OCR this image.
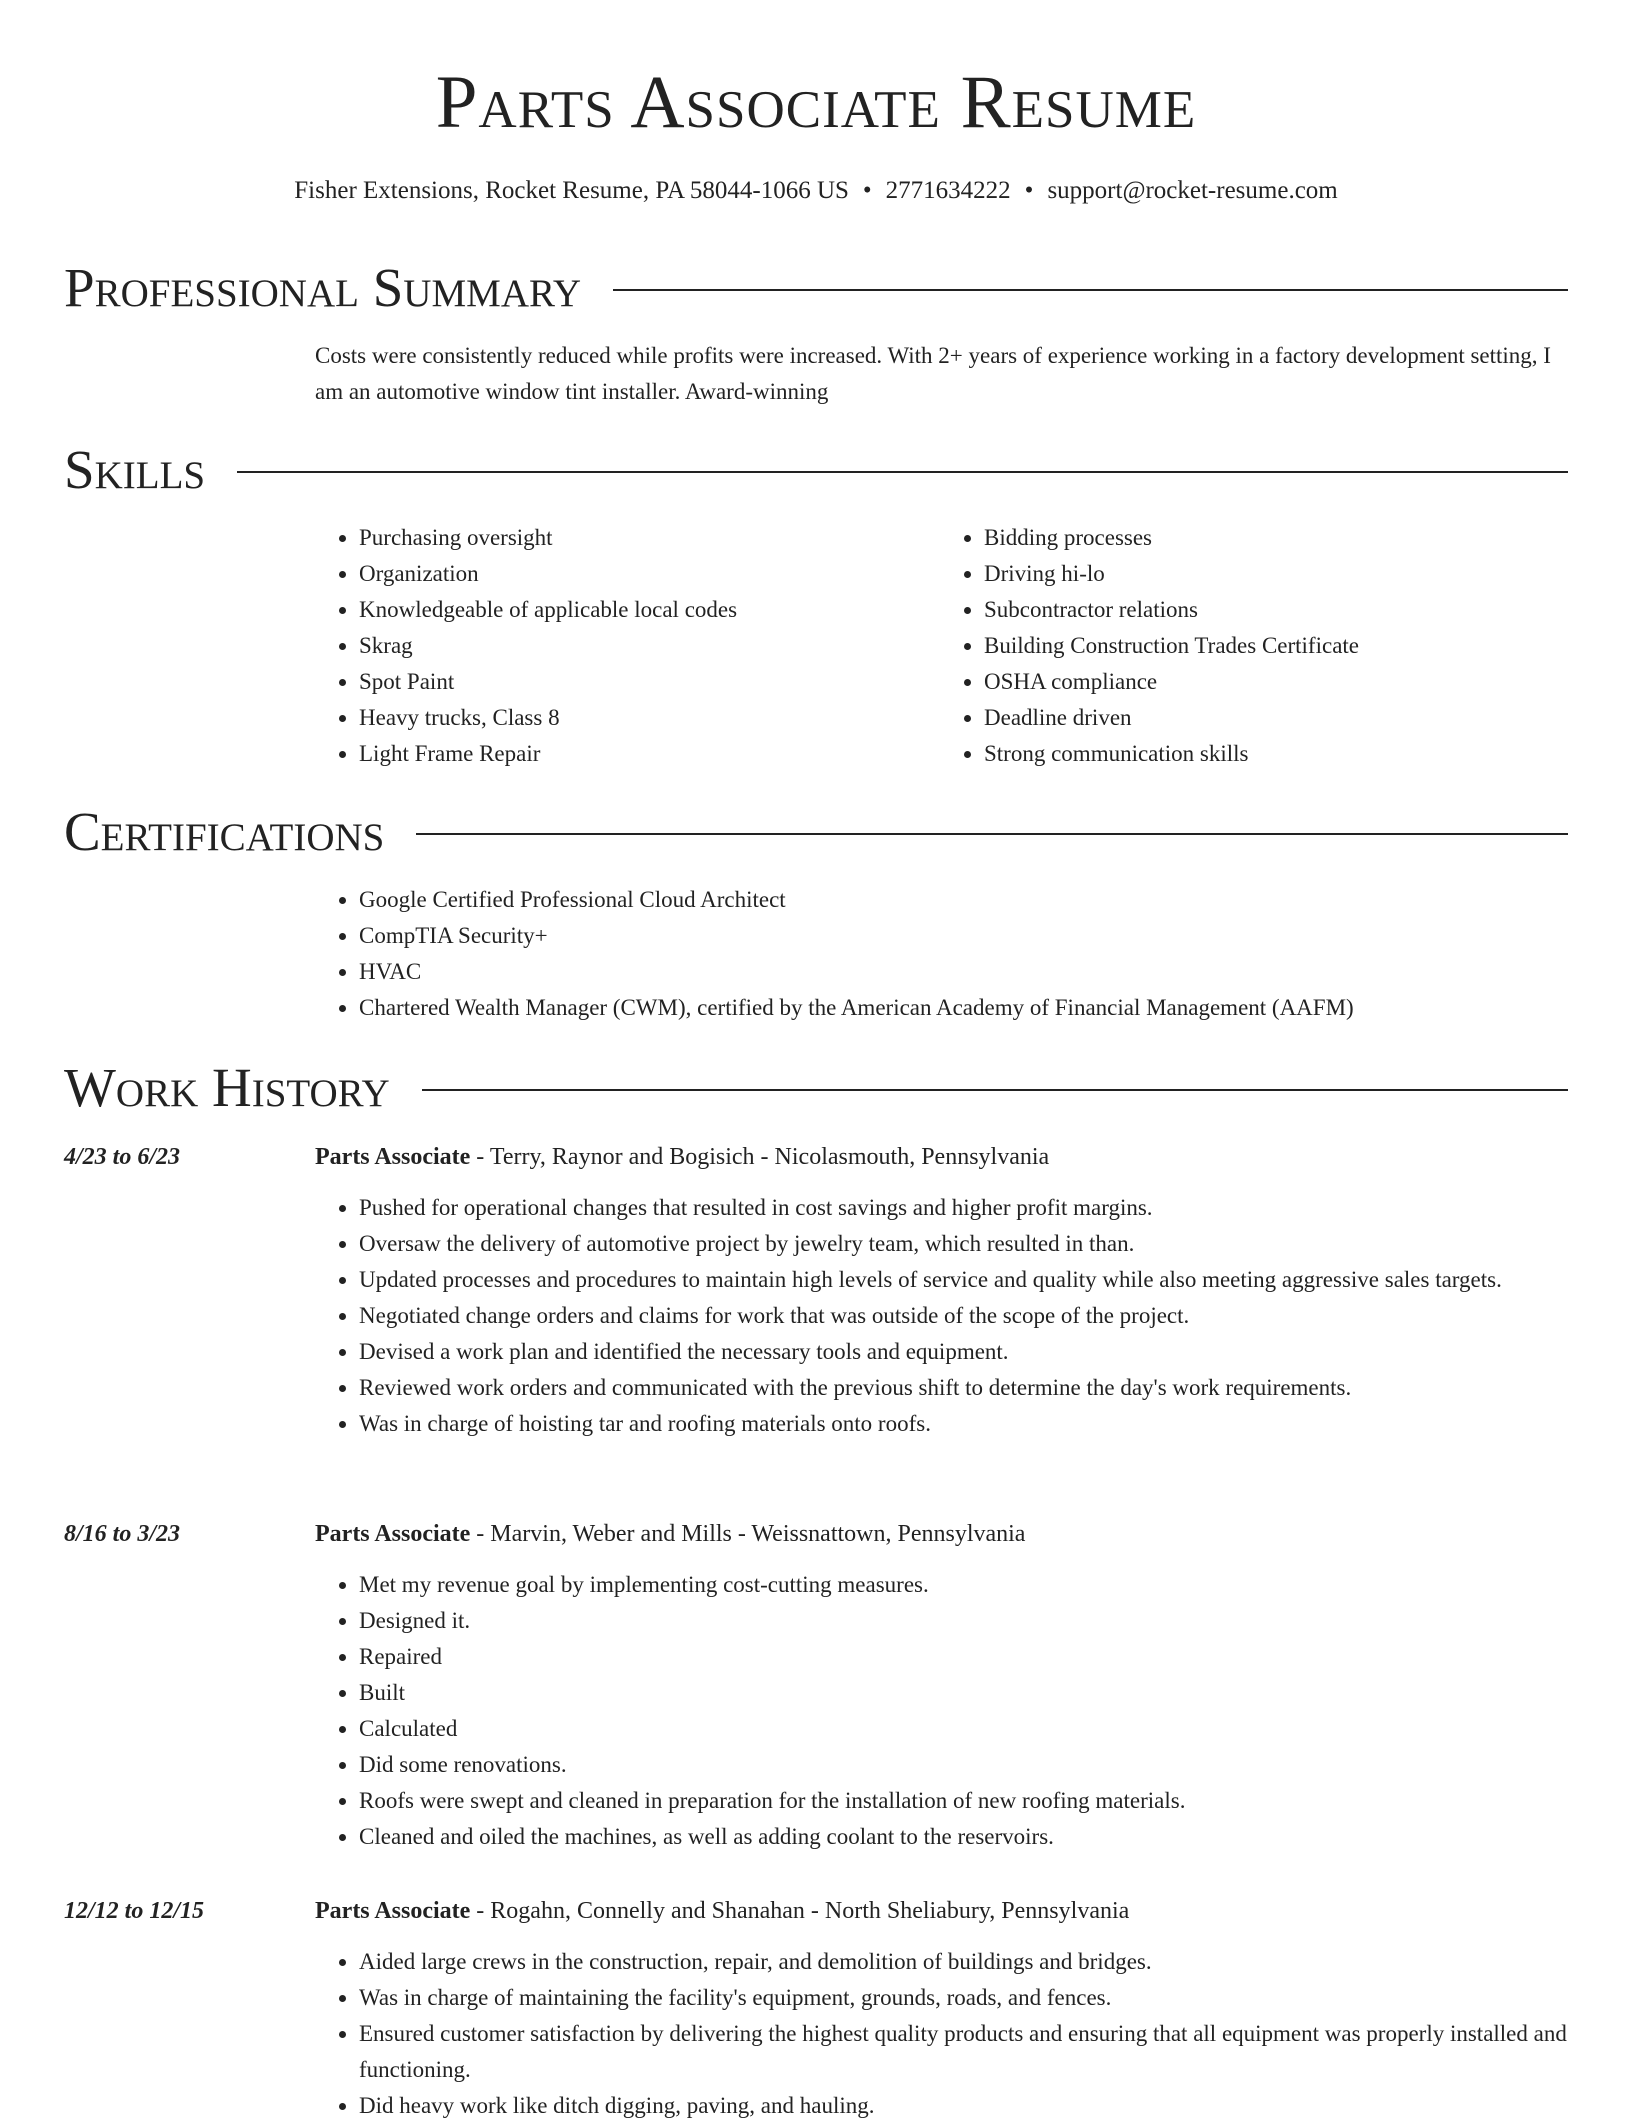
Parts Associate Resume
Fisher Extensions, Rocket Resume, PA 58044-1066 US • 2771634222 • support@rocket-resume.com
Professional Summary
Costs were consistently reduced while profits were increased. With 2+ years of experience working in a factory development setting, I am an automotive window tint installer. Award-winning
Skills
• Purchasing oversight
• Organization
• Knowledgeable of applicable local codes
• Skrag
• Spot Paint
• Heavy trucks, Class 8
• Light Frame Repair
• Bidding processes
• Driving hi-lo
• Subcontractor relations
• Building Construction Trades Certificate
• OSHA compliance
• Deadline driven
• Strong communication skills
Certifications
• Google Certified Professional Cloud Architect
• CompTIA Security+
• HVAC
• Chartered Wealth Manager (CWM), certified by the American Academy of Financial Management (AAFM)
Work History
4/23 to 6/23	Parts Associate - Terry, Raynor and Bogisich - Nicolasmouth, Pennsylvania
• Pushed for operational changes that resulted in cost savings and higher profit margins.
• Oversaw the delivery of automotive project by jewelry team, which resulted in than.
• Updated processes and procedures to maintain high levels of service and quality while also meeting aggressive sales targets.
• Negotiated change orders and claims for work that was outside of the scope of the project.
• Devised a work plan and identified the necessary tools and equipment.
• Reviewed work orders and communicated with the previous shift to determine the day's work requirements.
• Was in charge of hoisting tar and roofing materials onto roofs.
8/16 to 3/23	Parts Associate - Marvin, Weber and Mills - Weissnattown, Pennsylvania
• Met my revenue goal by implementing cost-cutting measures.
• Designed it.
• Repaired
• Built
• Calculated
• Did some renovations.
• Roofs were swept and cleaned in preparation for the installation of new roofing materials.
• Cleaned and oiled the machines, as well as adding coolant to the reservoirs.
12/12 to 12/15	Parts Associate - Rogahn, Connelly and Shanahan - North Sheliabury, Pennsylvania
• Aided large crews in the construction, repair, and demolition of buildings and bridges.
• Was in charge of maintaining the facility's equipment, grounds, roads, and fences.
• Ensured customer satisfaction by delivering the highest quality products and ensuring that all equipment was properly installed and functioning.
• Did heavy work like ditch digging, paving, and hauling.
